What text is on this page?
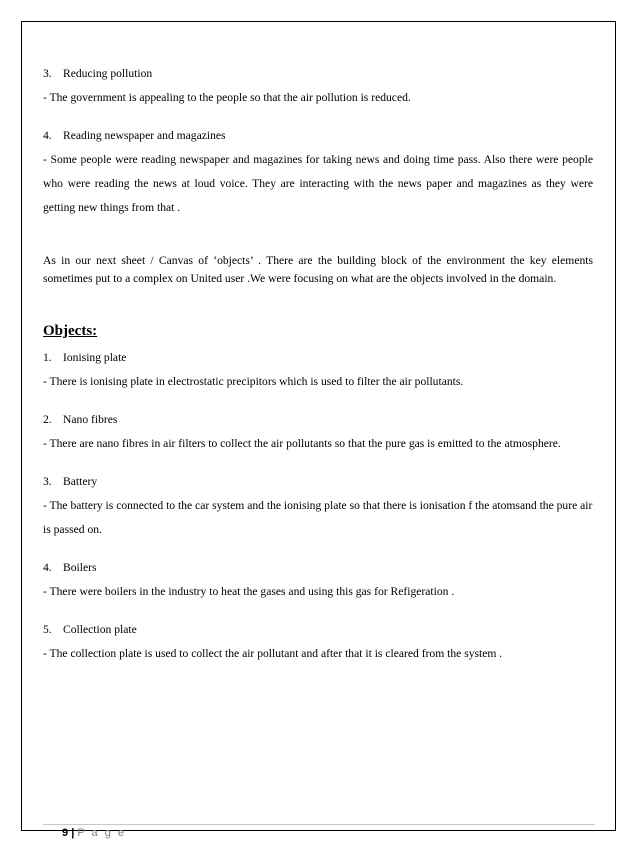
3. Reducing pollution

- The government is appealing to the people so that the air pollution is reduced.

4. Reading newspaper and magazines

- Some people were reading newspaper and magazines for taking news and doing time pass. Also there were people who were reading the news at loud voice. They are interacting with the news paper and magazines as they were getting new things from that .

As in our next sheet / Canvas of ‘objects’ . There are the building block of the environment the key elements sometimes put to a complex on United user .We were focusing on what are the objects involved in the domain.

Objects:

1. Ionising plate

- There is ionising plate in electrostatic precipitors which is used to filter the air pollutants.

2. Nano fibres

- There are nano fibres in air filters to collect the air pollutants so that the pure gas is emitted to the atmosphere.

3. Battery

- The battery is connected to the car system and the ionising plate so that there is ionisation f the atomsand the pure air is passed on.

4. Boilers

- There were boilers in the industry to heat the gases and using this gas for Refigeration .

5. Collection plate

- The collection plate is used to collect the air pollutant and after that it is cleared from the system .

9 | P a g e
